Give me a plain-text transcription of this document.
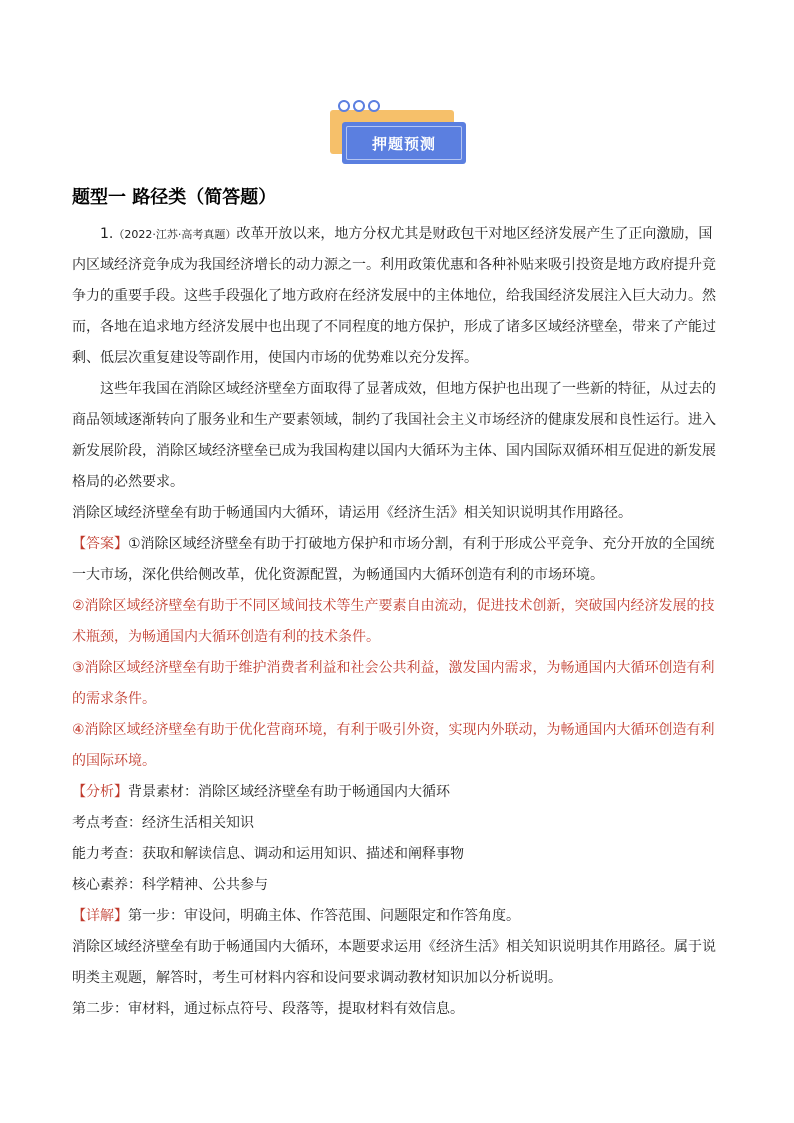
押题预测
题型一 路径类（简答题）

1.（2022·江苏·高考真题）改革开放以来，地方分权尤其是财政包干对地区经济发展产生了正向激励，国内区域经济竞争成为我国经济增长的动力源之一。利用政策优惠和各种补贴来吸引投资是地方政府提升竞争力的重要手段。这些手段强化了地方政府在经济发展中的主体地位，给我国经济发展注入巨大动力。然而，各地在追求地方经济发展中也出现了不同程度的地方保护，形成了诸多区域经济壁垒，带来了产能过剩、低层次重复建设等副作用，使国内市场的优势难以充分发挥。

这些年我国在消除区域经济壁垒方面取得了显著成效，但地方保护也出现了一些新的特征，从过去的商品领域逐渐转向了服务业和生产要素领域，制约了我国社会主义市场经济的健康发展和良性运行。进入新发展阶段，消除区域经济壁垒已成为我国构建以国内大循环为主体、国内国际双循环相互促进的新发展格局的必然要求。

消除区域经济壁垒有助于畅通国内大循环，请运用《经济生活》相关知识说明其作用路径。

【答案】①消除区域经济壁垒有助于打破地方保护和市场分割，有利于形成公平竞争、充分开放的全国统一大市场，深化供给侧改革，优化资源配置，为畅通国内大循环创造有利的市场环境。

②消除区域经济壁垒有助于不同区域间技术等生产要素自由流动，促进技术创新，突破国内经济发展的技术瓶颈，为畅通国内大循环创造有利的技术条件。

③消除区域经济壁垒有助于维护消费者利益和社会公共利益，激发国内需求，为畅通国内大循环创造有利的需求条件。

④消除区域经济壁垒有助于优化营商环境，有利于吸引外资，实现内外联动，为畅通国内大循环创造有利的国际环境。

【分析】背景素材：消除区域经济壁垒有助于畅通国内大循环

考点考查：经济生活相关知识

能力考查：获取和解读信息、调动和运用知识、描述和阐释事物

核心素养：科学精神、公共参与

【详解】第一步：审设问，明确主体、作答范围、问题限定和作答角度。

消除区域经济壁垒有助于畅通国内大循环，本题要求运用《经济生活》相关知识说明其作用路径。属于说明类主观题，解答时，考生可材料内容和设问要求调动教材知识加以分析说明。

第二步：审材料，通过标点符号、段落等，提取材料有效信息。
